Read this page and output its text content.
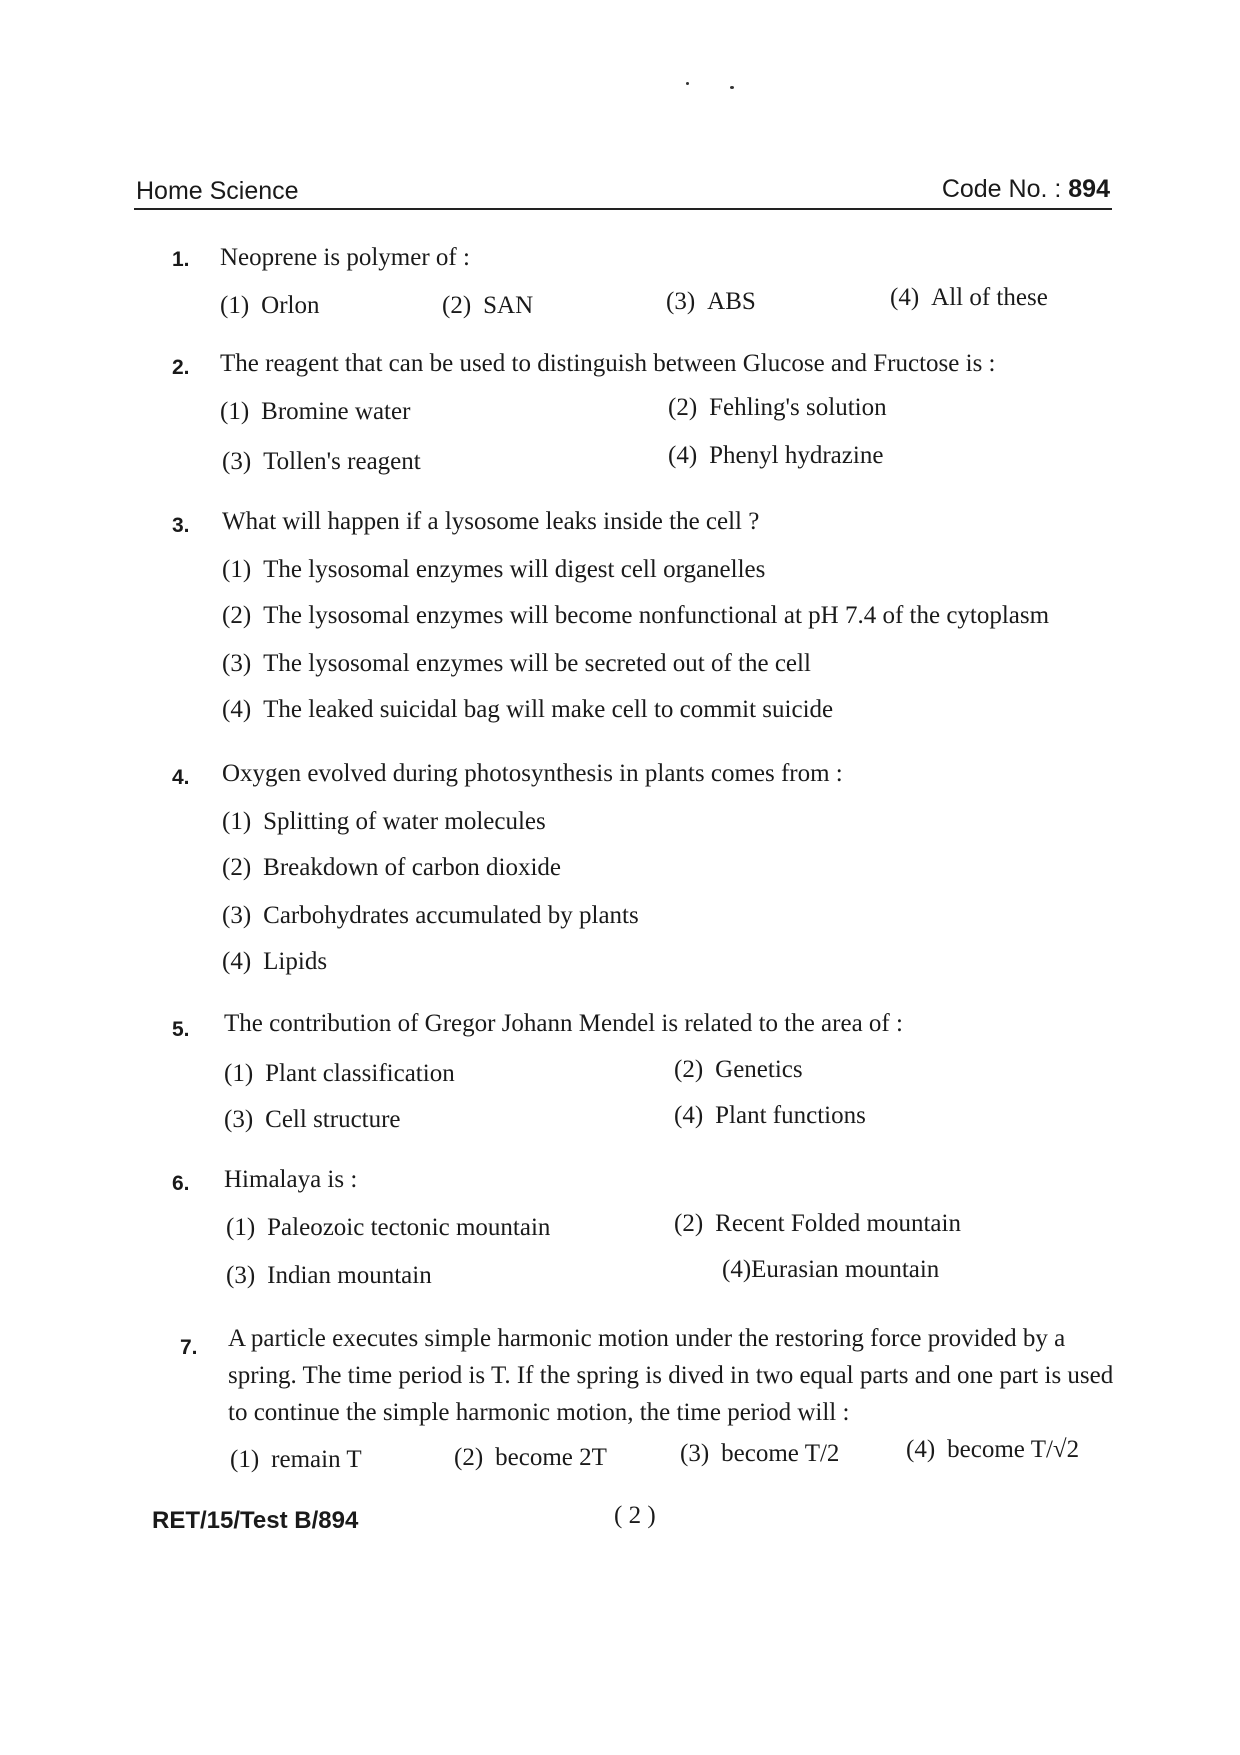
Home Science	Code No. : 894
1.	Neoprene is polymer of :
(1) Orlon	(2) SAN	(3) ABS	(4) All of these
2.	The reagent that can be used to distinguish between Glucose and Fructose is :
(1) Bromine water	(2) Fehling's solution
(3) Tollen's reagent	(4) Phenyl hydrazine
3.	What will happen if a lysosome leaks inside the cell ?
(1) The lysosomal enzymes will digest cell organelles
(2) The lysosomal enzymes will become nonfunctional at pH 7.4 of the cytoplasm
(3) The lysosomal enzymes will be secreted out of the cell
(4) The leaked suicidal bag will make cell to commit suicide
4.	Oxygen evolved during photosynthesis in plants comes from :
(1) Splitting of water molecules
(2) Breakdown of carbon dioxide
(3) Carbohydrates accumulated by plants
(4) Lipids
5.	The contribution of Gregor Johann Mendel is related to the area of :
(1) Plant classification	(2) Genetics
(3) Cell structure	(4) Plant functions
6.	Himalaya is :
(1) Paleozoic tectonic mountain	(2) Recent Folded mountain
(3) Indian mountain	(4)Eurasian mountain
7.	A particle executes simple harmonic motion under the restoring force provided by a spring. The time period is T. If the spring is dived in two equal parts and one part is used to continue the simple harmonic motion, the time period will :
(1) remain T	(2) become 2T	(3) become T/2	(4) become T/√2
RET/15/Test B/894	( 2 )
